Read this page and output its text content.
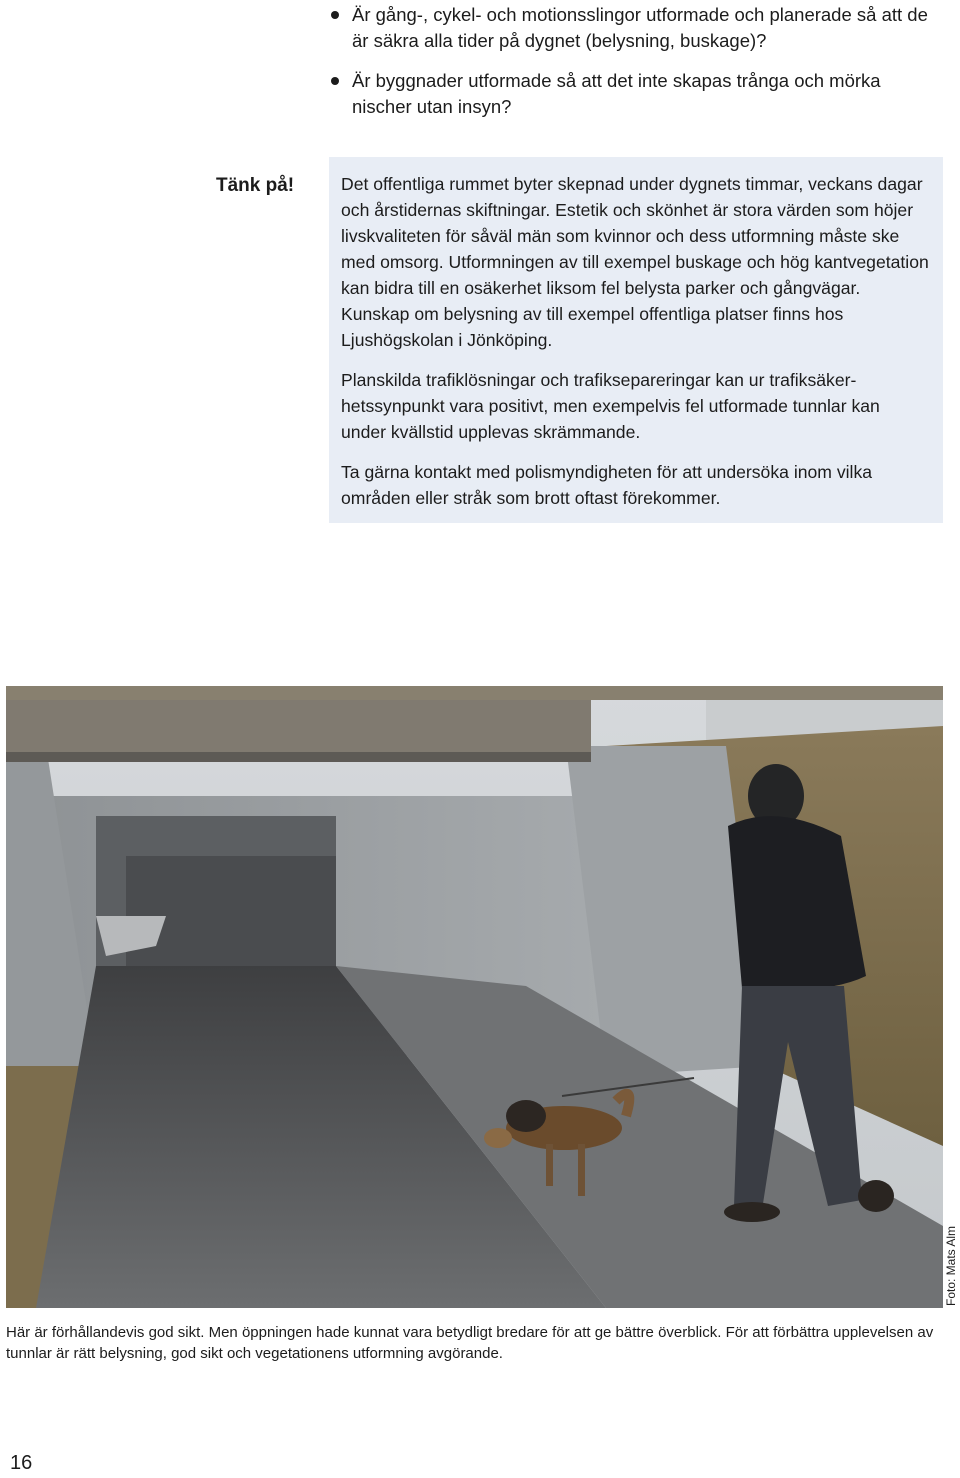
Är gång-, cykel- och motionsslingor utformade och planerade så att de är säkra alla tider på dygnet (belysning, buskage)?
Är byggnader utformade så att det inte skapas trånga och mörka nischer utan insyn?
Tänk på!	Det offentliga rummet byter skepnad under dygnets timmar, veckans dagar och årstidernas skiftningar. Estetik och skönhet är stora värden som höjer livskvaliteten för såväl män som kvinnor och dess utformning måste ske med omsorg. Utformningen av till exempel buskage och hög kantvegetation kan bidra till en osäkerhet liksom fel belysta parker och gångvägar. Kunskap om belysning av till exempel offentliga platser finns hos Ljushögskolan i Jönköping.

Planskilda trafiklösningar och trafiksepareringar kan ur trafiksäkerhetssynpunkt vara positivt, men exempelvis fel utformade tunnlar kan under kvällstid upplevas skrämmande.

Ta gärna kontakt med polismyndigheten för att undersöka inom vilka områden eller stråk som brott oftast förekommer.

Foto: Mats Alm

Här är förhållandevis god sikt. Men öppningen hade kunnat vara betydligt bredare för att ge bättre överblick. För att förbättra upplevelsen av tunnlar är rätt belysning, god sikt och vegetationens utformning avgörande.

16
